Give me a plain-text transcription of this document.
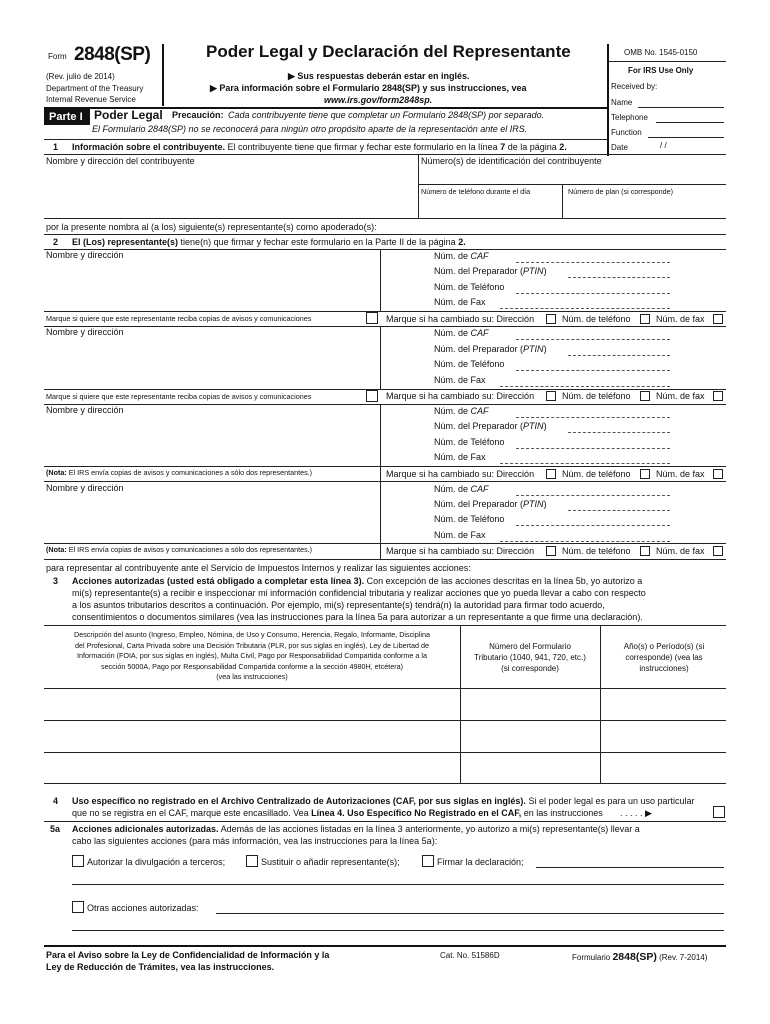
Form 2848(SP)
(Rev. julio de 2014)
Department of the Treasury
Internal Revenue Service
Poder Legal y Declaración del Representante
▶ Sus respuestas deberán estar en inglés.
▶ Para información sobre el Formulario 2848(SP) y sus instrucciones, vea
www.irs.gov/form2848sp.
OMB No. 1545-0150
For IRS Use Only
Received by:
Name
Telephone
Function
Date	/ /
Parte I Poder Legal Precaución: Cada contribuyente tiene que completar un Formulario 2848(SP) por separado.
El Formulario 2848(SP) no se reconocerá para ningún otro propósito aparte de la representación ante el IRS.
1 Información sobre el contribuyente. El contribuyente tiene que firmar y fechar este formulario en la línea 7 de la página 2.
Nombre y dirección del contribuyente	Número(s) de identificación del contribuyente
Número de teléfono durante el día	Número de plan (si corresponde)
por la presente nombra al (a los) siguiente(s) representante(s) como apoderado(s):
2 El (Los) representante(s) tiene(n) que firmar y fechar este formulario en la Parte II de la página 2.
Nombre y dirección	Núm. de CAF
Núm. del Preparador (PTIN)
Núm. de Teléfono
Núm. de Fax
Marque si quiere que este representante reciba copias de avisos y comunicaciones	Marque si ha cambiado su: Dirección	Núm. de teléfono	Núm. de fax
Nombre y dirección	Núm. de CAF
Núm. del Preparador (PTIN)
Núm. de Teléfono
Núm. de Fax
Marque si quiere que este representante reciba copias de avisos y comunicaciones	Marque si ha cambiado su: Dirección	Núm. de teléfono	Núm. de fax
Nombre y dirección	Núm. de CAF
Núm. del Preparador (PTIN)
Núm. de Teléfono
Núm. de Fax
(Nota: El IRS envía copias de avisos y comunicaciones a sólo dos representantes.)	Marque si ha cambiado su: Dirección	Núm. de teléfono	Núm. de fax
Nombre y dirección	Núm. de CAF
Núm. del Preparador (PTIN)
Núm. de Teléfono
Núm. de Fax
(Nota: El IRS envía copias de avisos y comunicaciones a sólo dos representantes.)	Marque si ha cambiado su: Dirección	Núm. de teléfono	Núm. de fax
para representar al contribuyente ante el Servicio de Impuestos Internos y realizar las siguientes acciones:
3 Acciones autorizadas (usted está obligado a completar esta línea 3). Con excepción de las acciones descritas en la línea 5b, yo autorizo a
mi(s) representante(s) a recibir e inspeccionar mi información confidencial tributaria y realizar acciones que yo pueda llevar a cabo con respecto
a los asuntos tributarios descritos a continuación. Por ejemplo, mi(s) representante(s) tendrá(n) la autoridad para firmar todo acuerdo,
consentimientos o documentos similares (vea las instrucciones para la línea 5a para autorizar a un representante a que firme una declaración).
Descripción del asunto (Ingreso, Empleo, Nómina, de Uso y Consumo, Herencia, Regalo, Informante, Disciplina
del Profesional, Carta Privada sobre una Decisión Tributaria (PLR, por sus siglas en inglés), Ley de Libertad de
Información (FOIA, por sus siglas en inglés), Multa Civil, Pago por Responsabilidad Compartida conforme a la
sección 5000A, Pago por Responsabilidad Compartida conforme a la sección 4980H, etcétera)
(vea las instrucciones)
Número del Formulario
Tributario (1040, 941, 720, etc.)
(si corresponde)
Año(s) o Período(s) (si
corresponde) (vea las
instrucciones)
4 Uso específico no registrado en el Archivo Centralizado de Autorizaciones (CAF, por sus siglas en inglés). Si el poder legal es para un uso particular
que no se registra en el CAF, marque este encasillado. Vea Línea 4. Uso Específico No Registrado en el CAF, en las instrucciones . . . . . ▶
5a Acciones adicionales autorizadas. Además de las acciones listadas en la línea 3 anteriormente, yo autorizo a mi(s) representante(s) llevar a
cabo las siguientes acciones (para más información, vea las instrucciones para la línea 5a):
Autorizar la divulgación a terceros;	Sustituir o añadir representante(s);	Firmar la declaración;
Otras acciones autorizadas:
Para el Aviso sobre la Ley de Confidencialidad de Información y la
Ley de Reducción de Trámites, vea las instrucciones.
Cat. No. 51586D	Formulario 2848(SP) (Rev. 7-2014)
